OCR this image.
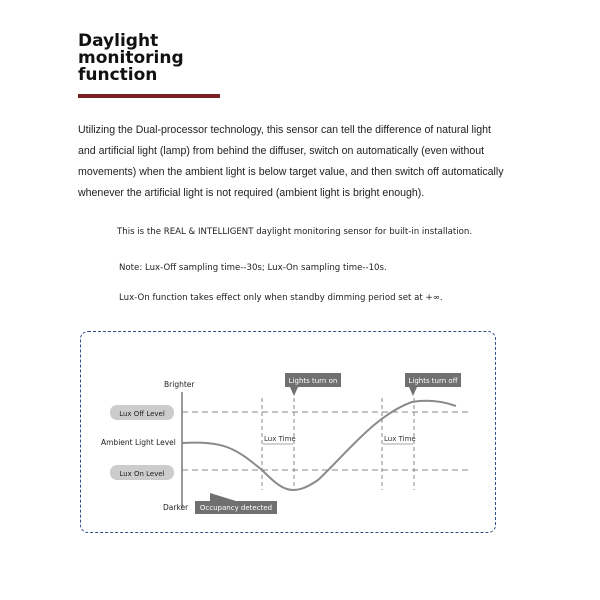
Daylight
monitoring
function
Utilizing the Dual-processor technology, this sensor can tell the difference of natural light
and artificial light (lamp) from behind the diffuser, switch on automatically (even without
movements) when the ambient light is below target value, and then switch off automatically
whenever the artificial light is not required (ambient light is bright enough).
This is the REAL & INTELLIGENT daylight monitoring sensor for built-in installation.
Note: Lux-Off sampling time--30s; Lux-On sampling time--10s.
Lux-On function takes effect only when standby dimming period set at +∞.
Lux Time	Lux Time
Brighter
Darker
Ambient Light Level
Lux Off Level
Lux On Level
Lights turn on	Lights turn off
Occupancy detected
